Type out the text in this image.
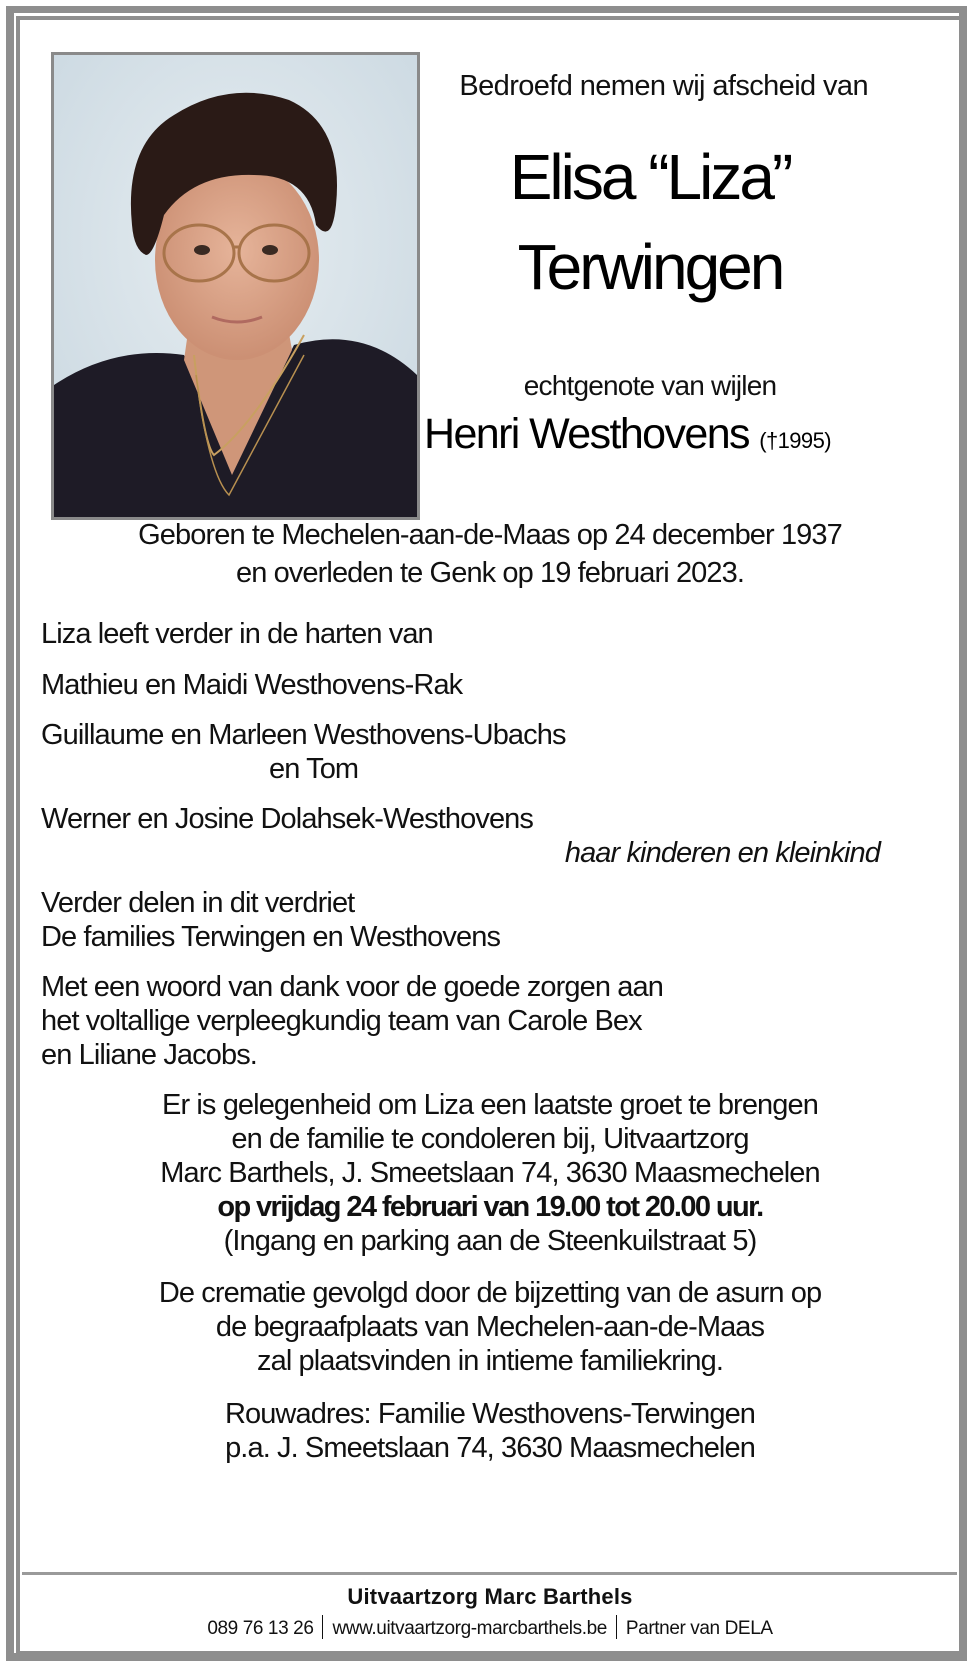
Bedroefd nemen wij afscheid van
Elisa “Liza”
Terwingen
echtgenote van wijlen
Henri Westhovens (†1995)
Geboren te Mechelen-aan-de-Maas op 24 december 1937
en overleden te Genk op 19 februari 2023.
Liza leeft verder in de harten van
Mathieu en Maidi Westhovens-Rak
Guillaume en Marleen Westhovens-Ubachs
en Tom
Werner en Josine Dolahsek-Westhovens
haar kinderen en kleinkind
Verder delen in dit verdriet
De families Terwingen en Westhovens
Met een woord van dank voor de goede zorgen aan
het voltallige verpleegkundig team van Carole Bex
en Liliane Jacobs.
Er is gelegenheid om Liza een laatste groet te brengen
en de familie te condoleren bij, Uitvaartzorg
Marc Barthels, J. Smeetslaan 74, 3630 Maasmechelen
op vrijdag 24 februari van 19.00 tot 20.00 uur.
(Ingang en parking aan de Steenkuilstraat 5)
De crematie gevolgd door de bijzetting van de asurn op
de begraafplaats van Mechelen-aan-de-Maas
zal plaatsvinden in intieme familiekring.
Rouwadres: Familie Westhovens-Terwingen
p.a. J. Smeetslaan 74, 3630 Maasmechelen
Uitvaartzorg Marc Barthels
089 76 13 26 www.uitvaartzorg-marcbarthels.be Partner van DELA
